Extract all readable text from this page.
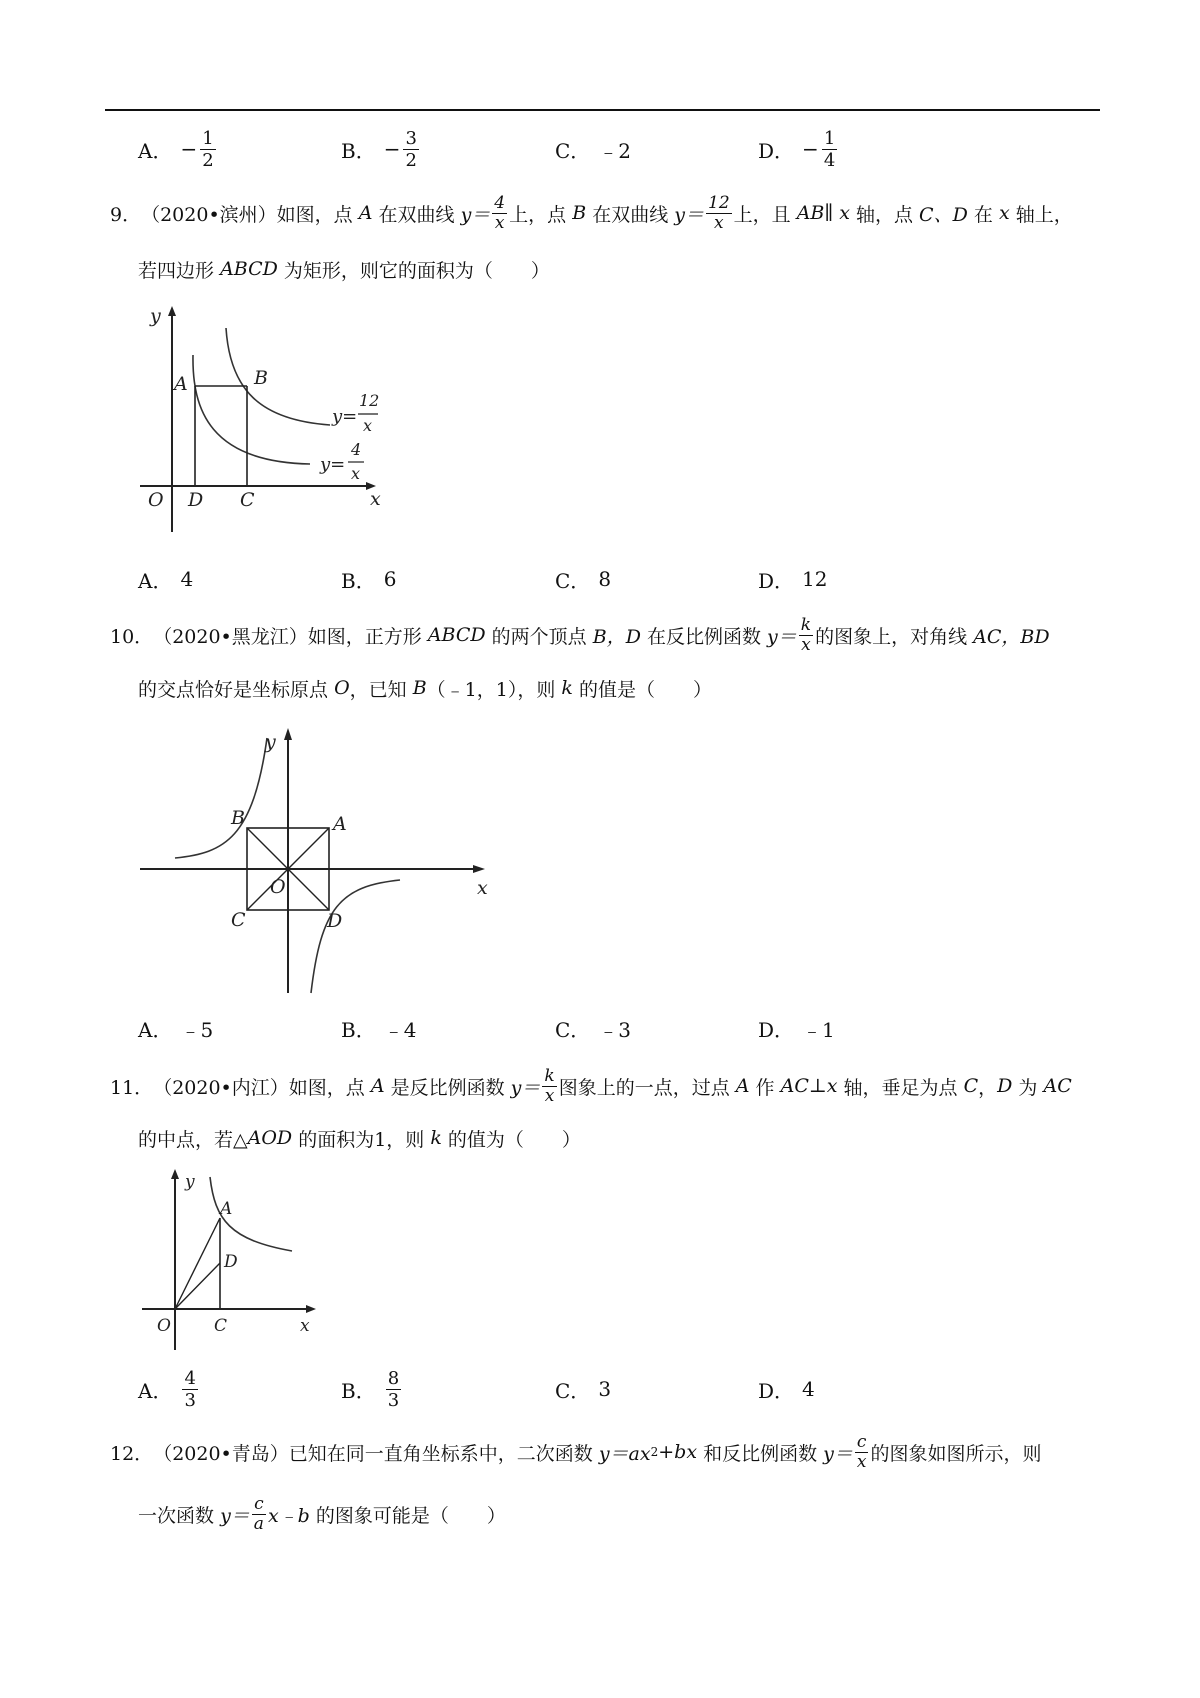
A． − $\frac{1}{2}$	B． − $\frac{3}{2}$	C． ﹣2	D． − $\frac{1}{4}$
9． （2020•滨州） 如图，点
A
在双曲线
$y= \frac{4}{x}$ 上，点
B
在双曲线
$y= \frac{12}{x}$ 上，且
AB ∥
x
轴，点
C、D
在
x
轴上，
若四边形
ABCD
为矩形，则它的面积为（　　）
y
x
O D C
A	B
y=
12
x
y=
4
x
A． 4	B． 6	C． 8	D． 12
10． （2020•黑龙江） 如图，正方形
ABCD
的两个顶点
B，D
在反比例函数
$y= \frac{k}{x}$ 的图象上，对角线
AC，BD
的交点恰好是坐标原点
O ，已知
B （﹣1，1），则
k
的值是（　　）
y
x
O
A
B
C	D
A． ﹣5	B． ﹣4	C． ﹣3	D． ﹣1
11． （2020•内江） 如图，点
A
是反比例函数
$y= \frac{k}{x}$ 图象上的一点，过点
A
作
AC ⊥ x
轴，垂足为点
C ， D
为
AC
的中点，若△ AOD
的面积为1，则
k
的值为（　　）
y
x
O	C
A
D
A． $\frac{4}{3}$	B． $\frac{8}{3}$	C． 3	D． 4
12． （2020•青岛） 已知在同一直角坐标系中，二次函数
y＝ax 2 +bx
和反比例函数
$y= \frac{c}{x}$ 的图象如图所示，则
一次函数
$y= \frac{c}{a}$ x﹣b
的图象可能是（　　）
